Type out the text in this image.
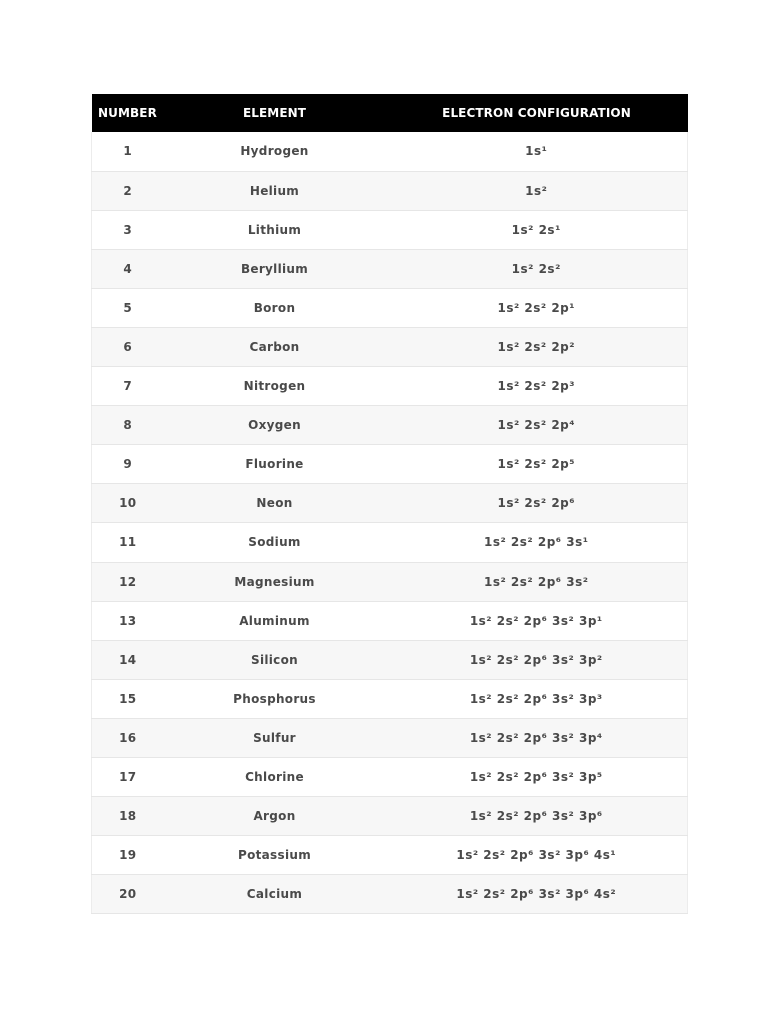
NUMBER	ELEMENT	ELECTRON CONFIGURATION
1	Hydrogen	1s¹
2	Helium	1s²
3	Lithium	1s² 2s¹
4	Beryllium	1s² 2s²
5	Boron	1s² 2s² 2p¹
6	Carbon	1s² 2s² 2p²
7	Nitrogen	1s² 2s² 2p³
8	Oxygen	1s² 2s² 2p⁴
9	Fluorine	1s² 2s² 2p⁵
10	Neon	1s² 2s² 2p⁶
11	Sodium	1s² 2s² 2p⁶ 3s¹
12	Magnesium	1s² 2s² 2p⁶ 3s²
13	Aluminum	1s² 2s² 2p⁶ 3s² 3p¹
14	Silicon	1s² 2s² 2p⁶ 3s² 3p²
15	Phosphorus	1s² 2s² 2p⁶ 3s² 3p³
16	Sulfur	1s² 2s² 2p⁶ 3s² 3p⁴
17	Chlorine	1s² 2s² 2p⁶ 3s² 3p⁵
18	Argon	1s² 2s² 2p⁶ 3s² 3p⁶
19	Potassium	1s² 2s² 2p⁶ 3s² 3p⁶ 4s¹
20	Calcium	1s² 2s² 2p⁶ 3s² 3p⁶ 4s²
